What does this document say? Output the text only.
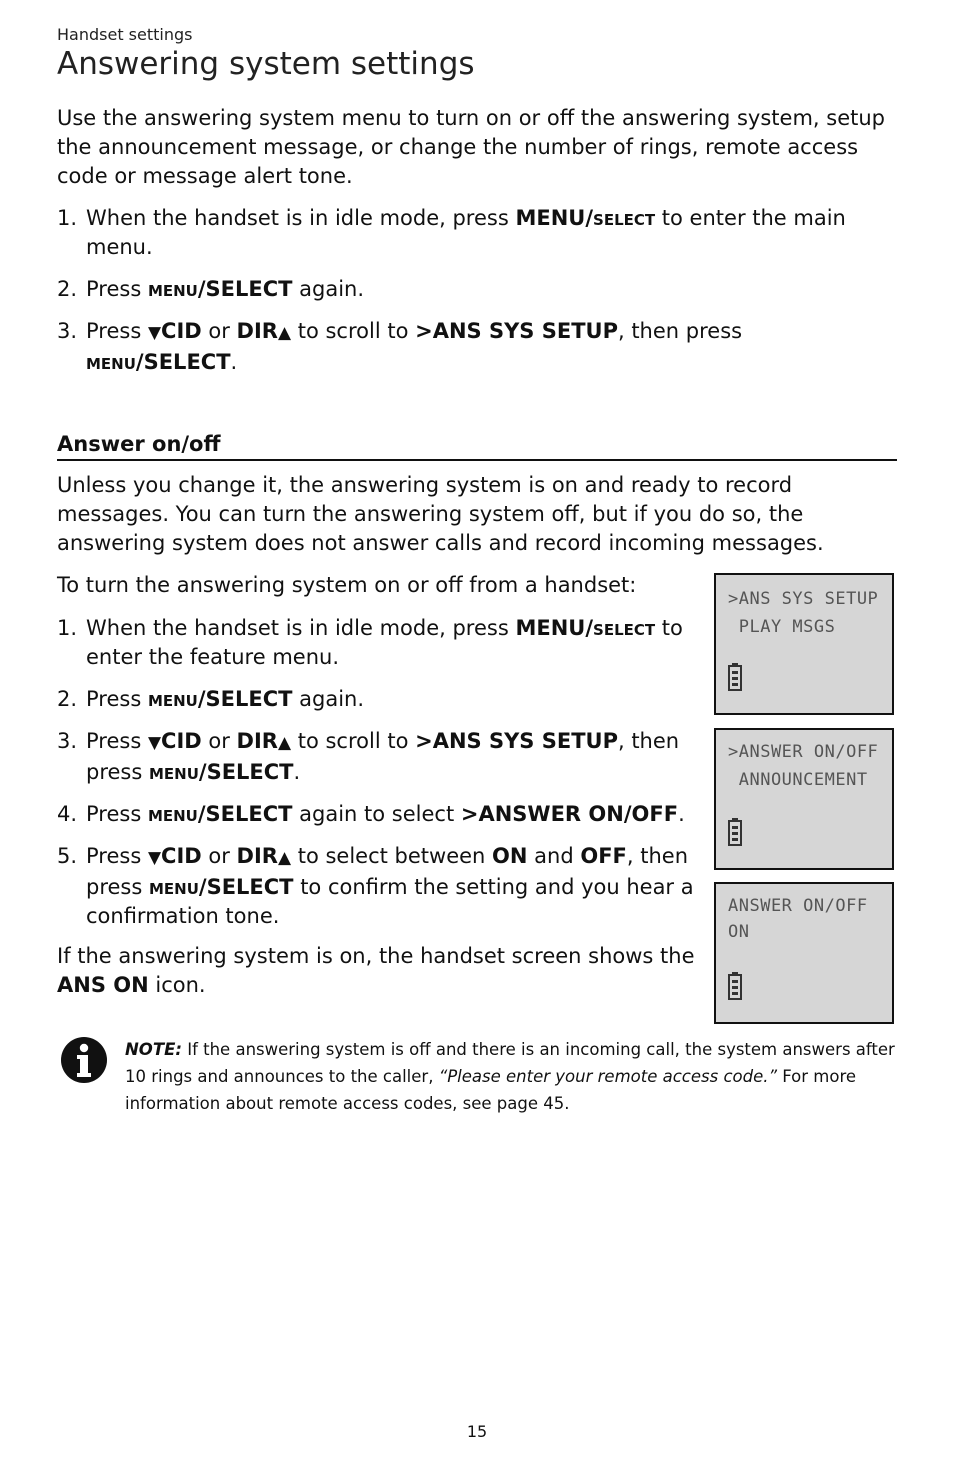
Handset settings
Answering system settings

Use the answering system menu to turn on or off the answering system, setup the announcement message, or change the number of rings, remote access code or message alert tone.

1. When the handset is in idle mode, press MENU/select to enter the main menu.
2. Press menu/SELECT again.
3. Press ▼CID or DIR▲ to scroll to >ANS SYS SETUP, then press menu/SELECT.
Answer on/off

Unless you change it, the answering system is on and ready to record messages. You can turn the answering system off, but if you do so, the answering system does not answer calls and record incoming messages.

To turn the answering system on or off from a handset:

1. When the handset is in idle mode, press MENU/select to enter the feature menu.
2. Press menu/SELECT again.
3. Press ▼CID or DIR▲ to scroll to >ANS SYS SETUP, then press menu/SELECT.
4. Press menu/SELECT again to select >ANSWER ON/OFF.
5. Press ▼CID or DIR▲ to select between ON and OFF, then press menu/SELECT to confirm the setting and you hear a confirmation tone.

If the answering system is on, the handset screen shows the ANS ON icon.

>ANS SYS SETUP
PLAY MSGS
>ANSWER ON/OFF
ANNOUNCEMENT
ANSWER ON/OFF
ON

NOTE: If the answering system is off and there is an incoming call, the system answers after 10 rings and announces to the caller, “Please enter your remote access code.” For more information about remote access codes, see page 45.

15
